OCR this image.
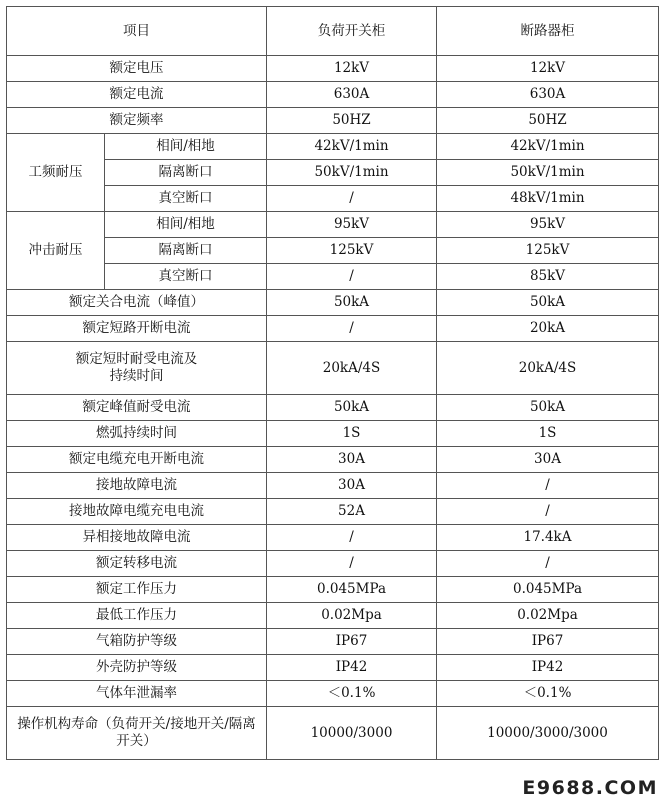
项目		负荷开关柜	断路器柜
额定电压		12kV	12kV
额定电流		630A	630A
额定频率		50HZ	50HZ
工频耐压	相间/相地	42kV/1min	42kV/1min
	隔离断口	50kV/1min	50kV/1min
	真空断口	/	48kV/1min
冲击耐压	相间/相地	95kV	95kV
	隔离断口	125kV	125kV
	真空断口	/	85kV
额定关合电流（峰值）		50kA	50kA
额定短路开断电流		/	20kA

额定短时耐受电流及持续时间		20kA/4S	20kA/4S
额定峰值耐受电流		50kA	50kA
燃弧持续时间		1S	1S
额定电缆充电开断电流		30A	30A
接地故障电流		30A	/
接地故障电缆充电电流		52A	/
异相接地故障电流		/	17.4kA
额定转移电流		/	/
额定工作压力		0.045MPa	0.045MPa
最低工作压力		0.02Mpa	0.02Mpa
气箱防护等级		IP67	IP67
外壳防护等级		IP42	IP42
气体年泄漏率		＜0.1%	＜0.1%

操作机构寿命（负荷开关/接地开关/隔离开关）		10000/3000	10000/3000/3000
E9688.COM
